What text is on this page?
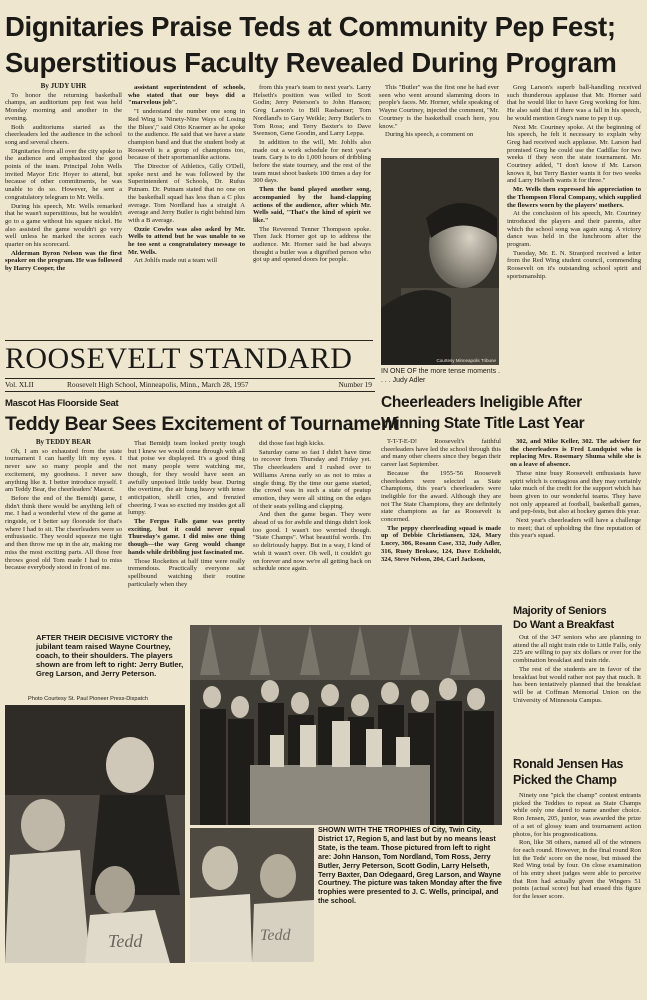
Dignitaries Praise Teds at Community Pep Fest;
Superstitious Faculty Revealed During Program

By JUDY UHR

To honor the returning basketball champs, an auditorium pep fest was held Monday morning and another in the evening.

Both auditoriums started as the cheerleaders led the audience in the school song and several cheers.

Dignitaries from all over the city spoke to the audience and emphasized the good points of the team. Principal John Wells invited Mayor Eric Hoyer to attend, but because of other commitments, he was unable to do so. However, he sent a congratulatory telegram to Mr. Wells.

During his speech, Mr. Wells remarked that he wasn't superstitious, but he wouldn't go to a game without his square nickel. He also assisted the game wouldn't go very well unless he marked the scores each quarter on his scorecard.

Alderman Byron Nelson was the first speaker on the program. He was followed by Harry Cooper, the

assistant superintendent of schools, who stated that our boys did a "marvelous job".

"I understand the number one song in Red Wing is 'Ninety-Nine Ways of Losing the Blues'," said Otto Kraemer as he spoke to the audience. He said that we have a state champion band and that the student body at Roosevelt is a group of champions too, because of their sportsmanlike actions.

The Director of Athletics, Gilly O'Dell, spoke next and he was followed by the Superintendent of Schools, Dr. Rufus Putnam. Dr. Putnam stated that no one on the basketball squad has less than a C plus average. Tom Nordland has a straight A average and Jerry Butler is right behind him with a B average.

Ozzie Cowles was also asked by Mr. Wells to attend but he was unable to so he too sent a congratulatory message to Mr. Wells.

Art Johlfs made out a team will

from this year's team to next year's. Larry Helseth's position was willed to Scott Godin; Jerry Peterson's to John Hanson; Greg Larson's to Bill Rasbanser; Tom Nordland's to Gary Weikle; Jerry Butler's to Tom Ross; and Terry Baxter's to Dave Swenson, Gene Goodin, and Larry Leppa.

In addition to the will, Mr. Johlfs also made out a work schedule for next year's team. Gary is to do 1,000 hours of dribbling before the state tourney, and the rest of the team must shoot baskets 100 times a day for 300 days.

Then the band played another song, accompanied by the hand-clapping actions of the audience, after which Mr. Wells said, "That's the kind of spirit we like."

The Reverend Tenner Thompson spoke. Then Jack Horner got up to address the audience. Mr. Horner said he had always thought a butler was a dignified person who got up and opened doors for people.

This "Butler" was the first one he had ever seen who went around slamming doors in people's faces. Mr. Horner, while speaking of Wayne Courtney, injected the comment, "Mr. Courtney is the basketball coach here, you know."

During his speech, a comment on

Courtesy Minneapolis Tribune
IN ONE OF the more tense moments . . . . Judy Adler

Greg Larson's superb ball-handling received such thunderous applause that Mr. Horner said that he would like to have Greg working for him. He also said that if there was a fall in his speech, he would mention Greg's name to pep it up.

Next Mr. Courtney spoke. At the beginning of his speech, he felt it necessary to explain why Greg had received such applause. Mr. Larson had promised Greg he could use the Cadillac for two weeks if they won the state tournament. Mr. Courtney added, "I don't know if Mr. Larson knows it, but Terry Baxter wants it for two weeks and Larry Helseth wants it for three."

Mr. Wells then expressed his appreciation to the Thompson Floral Company, which supplied the flowers worn by the players' mothers.

At the conclusion of his speech, Mr. Courtney introduced the players and their parents, after which the school song was again sung. A victory dance was held in the lunchroom after the program.

Tuesday, Mr. E. N. Stranjord received a letter from the Red Wing student council, commending Roosevelt on it's outstanding school spirit and sportsmanship.

ROOSEVELT STANDARD
Vol. XLII	Roosevelt High School, Minneapolis, Minn., March 28, 1957	Number 19
Mascot Has Floorside Seat
Teddy Bear Sees Excitement of Tournament

By TEDDY BEAR

Oh, I am so exhausted from the state tournament I can hardly lift my eyes. I never saw so many people and the excitement, my goodness. I never saw anything like it. I better introduce myself. I am Teddy Bear, the cheerleaders' Mascot.

Before the end of the Bemidji game, I didn't think there would be anything left of me. I had a wonderful view of the game at ringside, or I better say floorside for that's where I had to sit. The cheerleaders were so enthusiastic. They would squeeze me tight and then throw me up in the air, making me miss the most exciting parts. All those free throws good old Tom made I had to miss because everybody stood in front of me.

That Bemidji team looked pretty tough but I knew we would come through with all that poise we displayed. It's a good thing not many people were watching me, though, for they would have seen an awfully unpoised little teddy bear. During the overtime, the air hung heavy with tense anticipation, shrill cries, and frenzied cheering. I was so excited my insides got all lumpy.

The Fergus Falls game was pretty exciting, but it could never equal Thursday's game. I did miss one thing though—the way Greg would change hands while dribbling just fascinated me.

Those Rockettes at half time were really tremendous. Practically everyone sat spellbound watching their routine particularly when they

did those fast high kicks.

Saturday came so fast I didn't have time to recover from Thursday and Friday yet. The cheerleaders and I rushed over to Williams Arena early so as not to miss a single thing. By the time our game started, the crowd was in such a state of peatup emotion, they were all sitting on the edges of their seats yelling and clapping.

And then the game began. They were ahead of us for awhile and things didn't look too good. I wasn't too worried though. "State Champs". What beautiful words. I'm so deliriously happy. But in a way, I kind of wish it wasn't over. Oh well, it couldn't go on forever and now we're all getting back on schedule once again.

Cheerleaders Ineligible After
Winning State Title Last Year

T-T-T-E-D! Roosevelt's faithful cheerleaders have led the school through this and many other cheers since they began their career last September.

Because the 1955-'56 Roosevelt cheerleaders were selected as State Champions, this year's cheerleaders were ineligible for the award. Although they are not The State Champions, they are definitely state champions as far as Roosevelt is concerned.

The peppy cheerleading squad is made up of Debbie Christiansen, 324, Mary Lucey, 306, Rosann Case, 332, Judy Adler, 316, Rusty Brokaw, 124, Dave Eckholdt, 324, Steve Nelson, 204, Carl Jackson,

302, and Mike Keller, 302. The adviser for the cheerleaders is Fred Lundquist who is replacing Mrs. Rosemary Shuma while she is on a leave of absence.

These nine busy Roosevelt enthusiasts have spirit which is contagious and they may certainly take much of the credit for the support which has been given to our wonderful teams. They have not only appeared at football, basketball games, and pep-fests, but also at hockey games this year.

Next year's cheerleaders will have a challenge to meet; that of upholding the fine reputation of this year's squad.

Majority of Seniors
Do Want a Breakfast

Out of the 347 seniors who are planning to attend the all night train ride to Little Falls, only 225 are willing to pay six dollars or over for the combination breakfast and train ride.

The rest of the students are in favor of the breakfast but would rather not pay that much. It has been tentatively planned that the breakfast will be at Coffman Memorial Union on the University of Minnesota Campus.

Ronald Jensen Has
Picked the Champ

Ninety one "pick the champ" contest entrants picked the Teddies to repeat as State Champs while only one dared to name another choice. Ron Jensen, 205, junior, was awarded the prize of a set of glossy team and tournament action photos, for his prognostications.

Ron, like 38 others, named all of the winners for each round. However, in the final round Ron hit the Teds' score on the nose, but missed the Red Wing total by four. On close examination of his entry sheet judges were able to perceive that Ron had actually given the Wingers 51 points (actual score) but had erased this figure for the lesser score.

AFTER THEIR DECISIVE VICTORY the jubilant team raised Wayne Courtney, coach, to their shoulders. The players shown are from left to right: Jerry Butler, Greg Larson, and Jerry Peterson.
Photo Courtesy St. Paul Pioneer Press-Dispatch
Tedd
SHOWN WITH THE TROPHIES of City, Twin City, District 17, Region 5, and last but by no means least State, is the team. Those pictured from left to right are: John Hanson, Tom Nordland, Tom Ross, Jerry Butler, Jerry Peterson, Scott Godin, Larry Helseth, Terry Baxter, Dan Odegaard, Greg Larson, and Wayne Courtney. The picture was taken Monday after the five trophies were presented to J. C. Wells, principal, and the school.
Tedd
